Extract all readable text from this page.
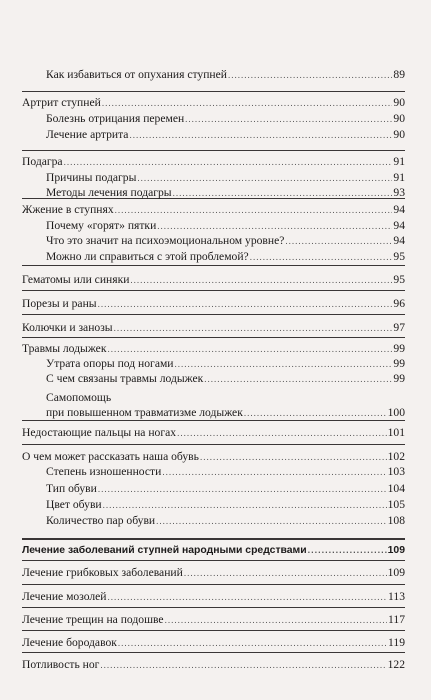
Как избавиться от опухания ступней .....	89
Артрит ступней .....	90
Болезнь отрицания перемен .....	90
Лечение артрита .....	90
Подагра .....	91
Причины подагры .....	91
Методы лечения подагры .....	93
Жжение в ступнях .....	94
Почему «горят» пятки .....	94
Что это значит на психоэмоциональном уровне? .....	94
Можно ли справиться с этой проблемой? .....	95
Гематомы или синяки .....	95
Порезы и раны .....	96
Колючки и занозы .....	97
Травмы лодыжек .....	99
Утрата опоры под ногами .....	99
С чем связаны травмы лодыжек .....	99
Самопомощь
при повышенном травматизме лодыжек .....	100
Недостающие пальцы на ногах .....	101
О чем может рассказать наша обувь .....	102
Степень изношенности .....	103
Тип обуви .....	104
Цвет обуви .....	105
Количество пар обуви .....	108
Лечение заболеваний ступней народными средствами .....	109
Лечение грибковых заболеваний .....	109
Лечение мозолей .....	113
Лечение трещин на подошве .....	117
Лечение бородавок .....	119
Потливость ног .....	122
